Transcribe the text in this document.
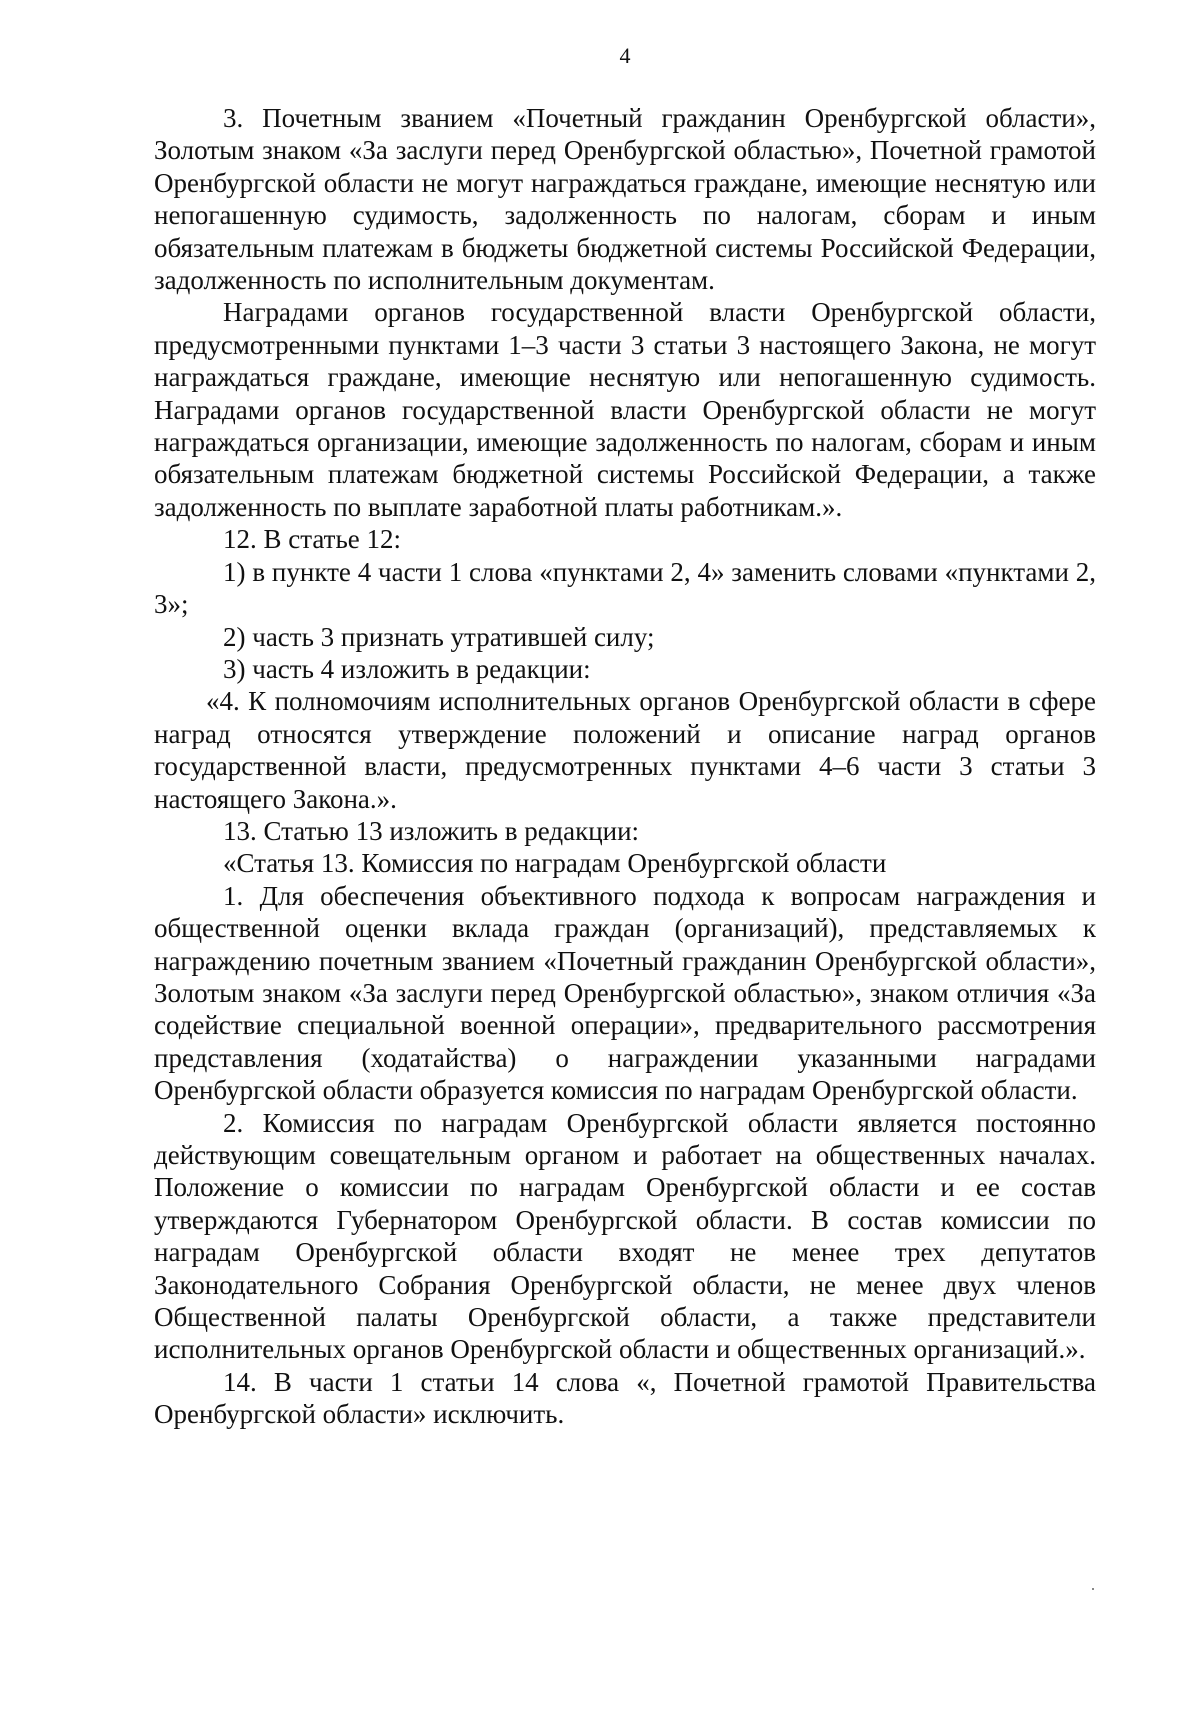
4

3. Почетным званием «Почетный гражданин Оренбургской области», Золотым знаком «За заслуги перед Оренбургской областью», Почетной грамотой Оренбургской области не могут награждаться граждане, имеющие неснятую или непогашенную судимость, задолженность по налогам, сборам и иным обязательным платежам в бюджеты бюджетной системы Российской Федерации, задолженность по исполнительным документам.

Наградами органов государственной власти Оренбургской области, предусмотренными пунктами 1–3 части 3 статьи 3 настоящего Закона, не могут награждаться граждане, имеющие неснятую или непогашенную судимость. Наградами органов государственной власти Оренбургской области не могут награждаться организации, имеющие задолженность по налогам, сборам и иным обязательным платежам бюджетной системы Российской Федерации, а также задолженность по выплате заработной платы работникам.».

12. В статье 12:

1) в пункте 4 части 1 слова «пунктами 2, 4» заменить словами «пунктами 2, 3»;

2) часть 3 признать утратившей силу;

3) часть 4 изложить в редакции:

«4. К полномочиям исполнительных органов Оренбургской области в сфере наград относятся утверждение положений и описание наград органов государственной власти, предусмотренных пунктами 4–6 части 3 статьи 3 настоящего Закона.».

13. Статью 13 изложить в редакции:

«Статья 13. Комиссия по наградам Оренбургской области

1. Для обеспечения объективного подхода к вопросам награждения и общественной оценки вклада граждан (организаций), представляемых к награждению почетным званием «Почетный гражданин Оренбургской области», Золотым знаком «За заслуги перед Оренбургской областью», знаком отличия «За содействие специальной военной операции», предварительного рассмотрения представления (ходатайства) о награждении указанными наградами Оренбургской области образуется комиссия по наградам Оренбургской области.

2. Комиссия по наградам Оренбургской области является постоянно действующим совещательным органом и работает на общественных началах. Положение о комиссии по наградам Оренбургской области и ее состав утверждаются Губернатором Оренбургской области. В состав комиссии по наградам Оренбургской области входят не менее трех депутатов Законодательного Собрания Оренбургской области, не менее двух членов Общественной палаты Оренбургской области, а также представители исполнительных органов Оренбургской области и общественных организаций.».

14. В части 1 статьи 14 слова «, Почетной грамотой Правительства Оренбургской области» исключить.
